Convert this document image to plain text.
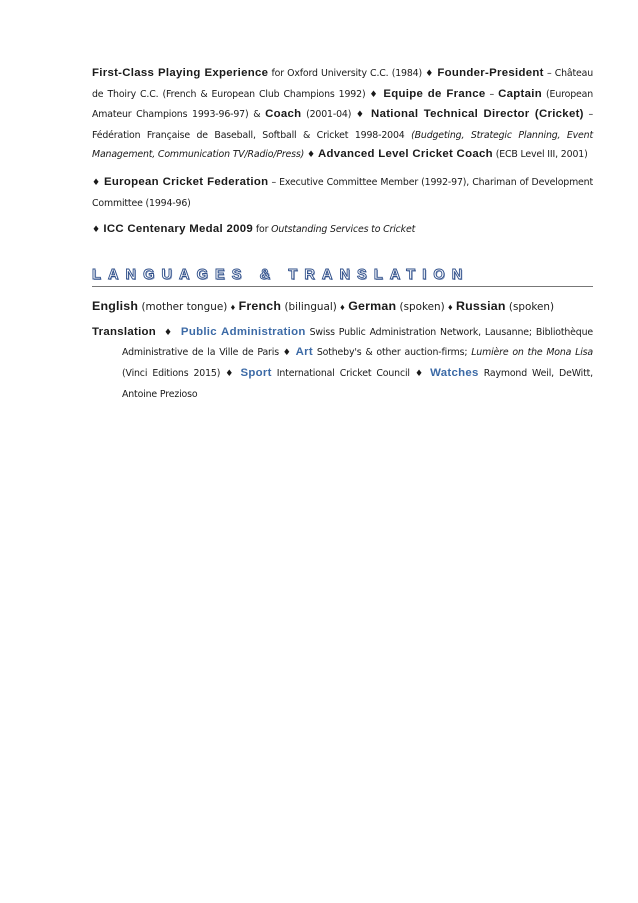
First-Class Playing Experience for Oxford University C.C. (1984) ♦ Founder-President – Château de Thoiry C.C. (French & European Club Champions 1992) ♦ Equipe de France – Captain (European Amateur Champions 1993-96-97) & Coach (2001-04) ♦ National Technical Director (Cricket) – Fédération Française de Baseball, Softball & Cricket 1998-2004 (Budgeting, Strategic Planning, Event Management, Communication TV/Radio/Press) ♦ Advanced Level Cricket Coach (ECB Level III, 2001)

♦ European Cricket Federation – Executive Committee Member (1992-97), Chariman of Development Committee (1994-96)

♦ ICC Centenary Medal 2009 for Outstanding Services to Cricket

LANGUAGES & TRANSLATION
English (mother tongue) ♦ French (bilingual) ♦ German (spoken) ♦ Russian (spoken)
Translation ♦ Public Administration Swiss Public Administration Network, Lausanne; Bibliothèque Administrative de la Ville de Paris ♦ Art Sotheby's & other auction-firms; Lumière on the Mona Lisa (Vinci Editions 2015) ♦ Sport International Cricket Council ♦ Watches Raymond Weil, DeWitt, Antoine Prezioso
